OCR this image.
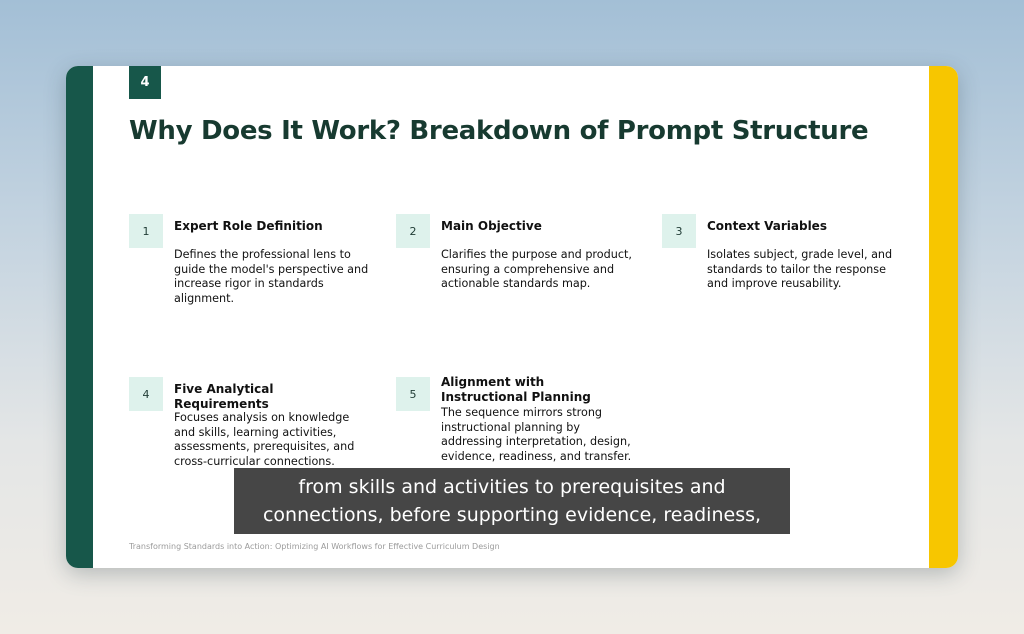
4
Why Does It Work? Breakdown of Prompt Structure
1	Expert Role Definition

Defines the professional lens to guide the model's perspective and increase rigor in standards alignment.

2	Main Objective

Clarifies the purpose and product, ensuring a comprehensive and actionable standards map.

3	Context Variables

Isolates subject, grade level, and standards to tailor the response and improve reusability.

4	Five Analytical Requirements

Focuses analysis on knowledge and skills, learning activities, assessments, prerequisites, and cross-curricular connections.

5

Alignment with Instructional Planning

The sequence mirrors strong instructional planning by addressing interpretation, design, evidence, readiness, and transfer.

Transforming Standards into Action: Optimizing AI Workflows for Effective Curriculum Design
from skills and activities to prerequisites and
connections, before supporting evidence, readiness,
